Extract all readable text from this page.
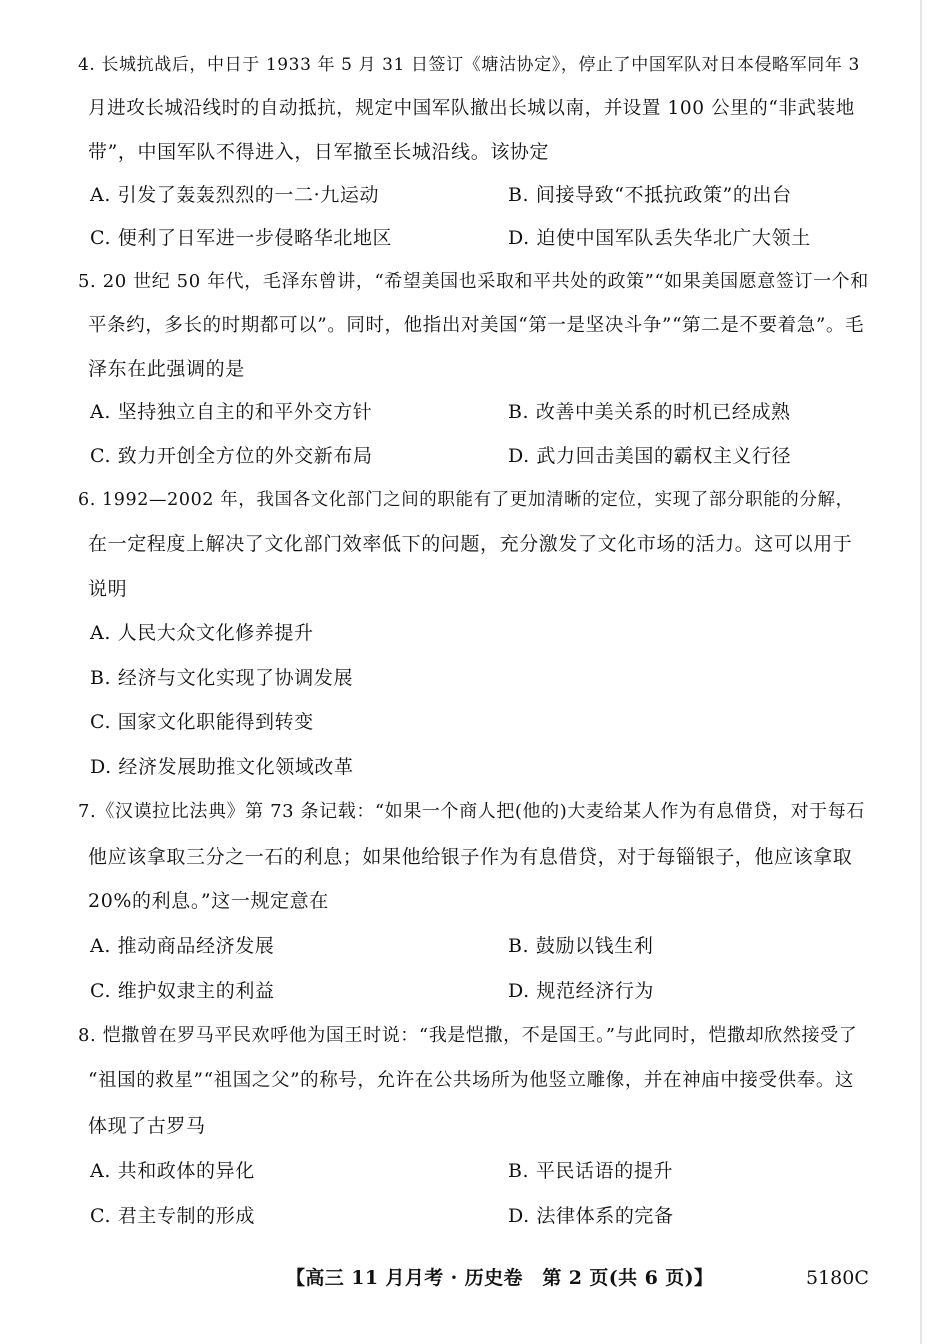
4. 长城抗战后，中日于 1933 年 5 月 31 日签订《塘沽协定》，停止了中国军队对日本侵略军同年 3
月进攻长城沿线时的自动抵抗，规定中国军队撤出长城以南，并设置 100 公里的“非武装地
带”，中国军队不得进入，日军撤至长城沿线。该协定
A. 引发了轰轰烈烈的一二·九运动	B. 间接导致“不抵抗政策”的出台
C. 便利了日军进一步侵略华北地区	D. 迫使中国军队丢失华北广大领土
5. 20 世纪 50 年代，毛泽东曾讲，“希望美国也采取和平共处的政策”“如果美国愿意签订一个和
平条约，多长的时期都可以”。同时，他指出对美国“第一是坚决斗争”“第二是不要着急”。毛
泽东在此强调的是
A. 坚持独立自主的和平外交方针	B. 改善中美关系的时机已经成熟
C. 致力开创全方位的外交新布局	D. 武力回击美国的霸权主义行径
6. 1992—2002 年，我国各文化部门之间的职能有了更加清晰的定位，实现了部分职能的分解，
在一定程度上解决了文化部门效率低下的问题，充分激发了文化市场的活力。这可以用于
说明
A. 人民大众文化修养提升
B. 经济与文化实现了协调发展
C. 国家文化职能得到转变
D. 经济发展助推文化领域改革
7.《汉谟拉比法典》第 73 条记载：“如果一个商人把(他的)大麦给某人作为有息借贷，对于每石
他应该拿取三分之一石的利息；如果他给银子作为有息借贷，对于每锱银子，他应该拿取
20%的利息。”这一规定意在
A. 推动商品经济发展	B. 鼓励以钱生利
C. 维护奴隶主的利益	D. 规范经济行为
8. 恺撒曾在罗马平民欢呼他为国王时说：“我是恺撒，不是国王。”与此同时，恺撒却欣然接受了
“祖国的救星”“祖国之父”的称号，允许在公共场所为他竖立雕像，并在神庙中接受供奉。这
体现了古罗马
A. 共和政体的异化	B. 平民话语的提升
C. 君主专制的形成	D. 法律体系的完备
【高三 11 月月考 · 历史卷　第 2 页(共 6 页)】	5180C
